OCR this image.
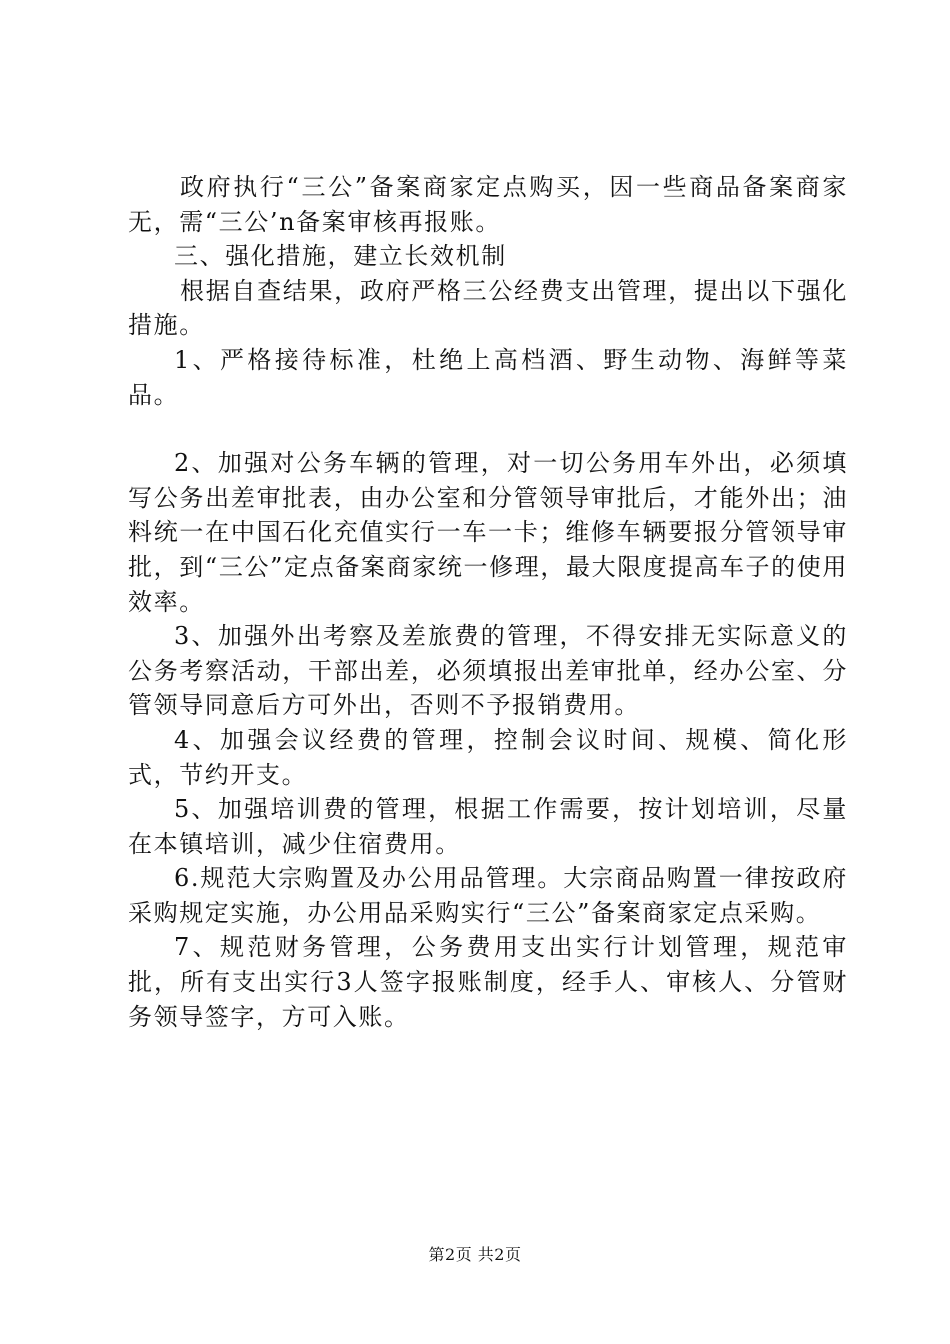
政府执行“三公”备案商家定点购买，因一些商品备案商家无，需“三公’n备案审核再报账。

三、强化措施，建立长效机制

根据自查结果，政府严格三公经费支出管理，提出以下强化措施。

1、严格接待标准，杜绝上高档酒、野生动物、海鲜等菜品。

2、加强对公务车辆的管理，对一切公务用车外出，必须填写公务出差审批表，由办公室和分管领导审批后，才能外出；油料统一在中国石化充值实行一车一卡；维修车辆要报分管领导审批，到“三公”定点备案商家统一修理，最大限度提高车子的使用效率。

3、加强外出考察及差旅费的管理，不得安排无实际意义的公务考察活动，干部出差，必须填报出差审批单，经办公室、分管领导同意后方可外出，否则不予报销费用。

4、加强会议经费的管理，控制会议时间、规模、简化形式，节约开支。

5、加强培训费的管理，根据工作需要，按计划培训，尽量在本镇培训，减少住宿费用。

6.规范大宗购置及办公用品管理。大宗商品购置一律按政府采购规定实施，办公用品采购实行“三公”备案商家定点采购。

7、规范财务管理，公务费用支出实行计划管理，规范审批，所有支出实行3人签字报账制度，经手人、审核人、分管财务领导签字，方可入账。

第2页 共2页
